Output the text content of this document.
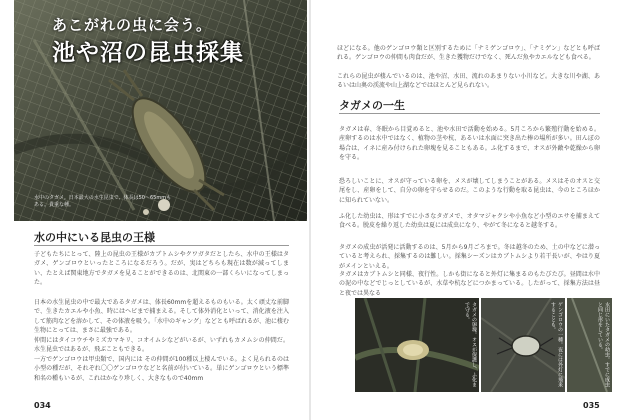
あこがれの虫に会う。
池や沼の昆虫採集
水中のタガメ。日本最大の水生昆虫で、体長は50〜65mmもある。貴重な種。
水の中にいる昆虫の王様
子どもたちにとって、陸上の昆虫の王様がカブトムシやクワガタだとしたら、水中の王様はタガメ、ゲンゴロウといったところになるだろう。だが、実はどちらも現在は数が減ってしまい、たとえば関東地方でタガメを見ることができるのは、北関東の一部くらいになってしまった。
日本の水生昆虫の中で最大であるタガメは、体長60mmを超えるものもいる。太く頑丈な前脚で、生きたカエルや小魚、時にはヘビまで捕まえる。そして体外消化といって、消化液を注入して筋肉などを溶かして、その体液を吸う。「水中のギャング」などとも呼ばれるが、池に棲む生物にとっては、まさに最強である。
仲間にはタイコウチやミズカマキリ、コオイムシなどがいるが、いずれもカメムシの仲間だ。水生昆虫ではあるが、飛ぶこともできる。
一方でゲンゴロウは甲虫類で、国内には その仲間が100種以上棲んでいる。よく見られるのは小型の種だが、それぞれ〇〇ゲンゴロウなどと名前が付いている。単にゲンゴロウという標準和名の種もいるが、これはかなり珍しく、大きなもので40mm
034
ほどになる。他のゲンゴロウ類と区別するために「ナミゲンゴロウ」、「ナミゲン」などとも呼ばれる。ゲンゴロウの仲間も肉食だが、生きた獲物だけでなく、死んだ魚やカエルなども食べる。
これらの昆虫が棲んでいるのは、池や沼、水田、流れのあまりない小川など。大きな川や湖、あるいは山奥の渓流や山上湖などではほとんど見られない。
タガメの一生
タガメは春、冬眠から目覚めると、池や水田で活動を始める。5月ころから繁殖行動を始める。産卵するのは水中ではなく、植物の茎や杭、あるいは水面に突き出た棒の場所が多い。田んぼの場合は、イネに産み付けられた卵塊を見ることもある。ふ化するまで、オスが外敵や乾燥から卵を守る。
恐ろしいことに、オスが守っている卵を、メスが壊してしまうことがある。メスはそのオスと交尾をし、産卵をして、自分の卵を守らせるのだ。このような行動を取る昆虫は、今のところほかに知られていない。
ふ化した幼虫は、形はすでに小さなタガメで、オタマジャクシや小魚など小型のエサを捕まえて食べる。脱皮を繰り返した幼虫は夏には成虫になり、やがて冬になると越冬する。
タガメの成虫が活発に活動するのは、5月から9月ごろまで。冬は越冬のため、土の中などに潜っていると考えられ、採集するのは難しい。採集シーズンはカブトムシより若干長いが、やはり夏がメインといえる。
タガメはカブトムシと同様、夜行性。しかも街になると外灯に集まるのもたびたび。昼間は水中の泥の中などでじっとしているが、水草や杭などにつかまっている。したがって、採集方法は昼と夜では異なる
タガメの卵塊。オスが保護し、ふ化まで守る。	ゲンゴロウの一種。夜には外灯に飛来することも。	水田にいたタガメの幼虫。すでに成虫と同じ形をしている。
035
